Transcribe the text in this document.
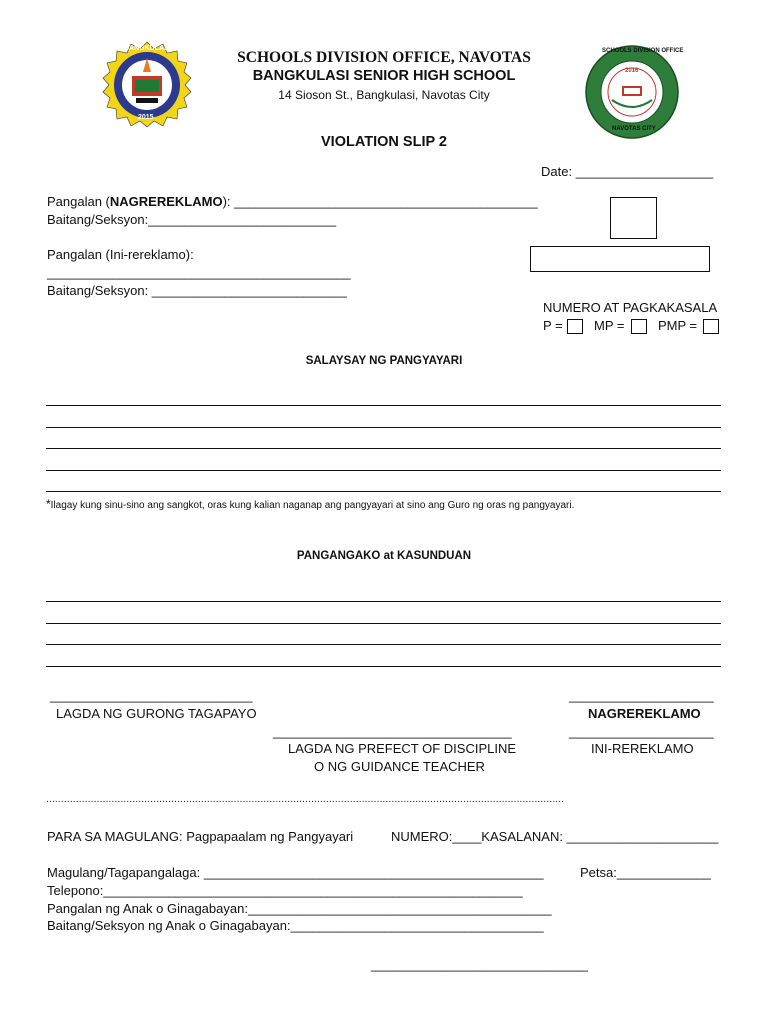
BANGKULASI
2015
SCHOOLS DIVISION OFFICE
2016
NAVOTAS CITY
SCHOOLS DIVISION OFFICE, NAVOTAS
BANGKULASI SENIOR HIGH SCHOOL
14 Sioson St., Bangkulasi, Navotas City
VIOLATION SLIP 2
Date: ___________________
Pangalan (NAGREREKLAMO): __________________________________________
Baitang/Seksyon:__________________________
Pangalan (Ini-rereklamo):
__________________________________________
Baitang/Seksyon: ___________________________
NUMERO AT PAGKAKASALA
P = MP =	PMP =
SALAYSAY NG PANGYAYARI
*Ilagay kung sinu-sino ang sangkot, oras kung kalian naganap ang pangyayari at sino ang Guro ng oras ng pangyayari.
PANGANGAKO at KASUNDUAN
____________________________
LAGDA NG GURONG TAGAPAYO
____________________
NAGREREKLAMO
_________________________________	____________________
LAGDA NG PREFECT OF DISCIPLINE	INI-REREKLAMO
O NG GUIDANCE TEACHER
..............................................................................................................................................................................
PARA SA MAGULANG: Pagpapaalam ng Pangyayari	NUMERO:____KASALANAN: _____________________
Magulang/Tagapangalaga: _______________________________________________	Petsa:_____________
Telepono:__________________________________________________________
Pangalan ng Anak o Ginagabayan:__________________________________________
Baitang/Seksyon ng Anak o Ginagabayan:___________________________________
______________________________
